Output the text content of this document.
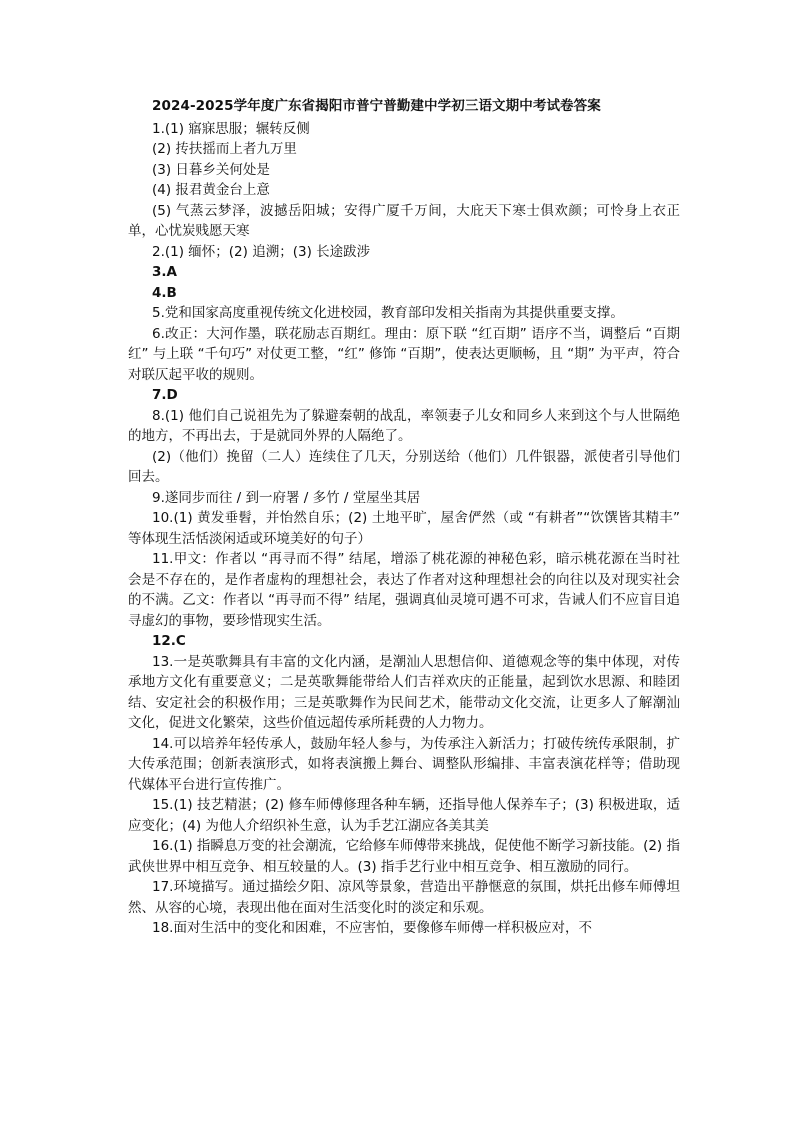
2024-2025学年度广东省揭阳市普宁普勤建中学初三语文期中考试卷答案

1.(1) 寤寐思服；辗转反侧

(2) 抟扶摇而上者九万里

(3) 日暮乡关何处是

(4) 报君黄金台上意

(5) 气蒸云梦泽，波撼岳阳城；安得广厦千万间，大庇天下寒士俱欢颜；可怜身上衣正单，心忧炭贱愿天寒

2.(1) 缅怀；(2) 追溯；(3) 长途跋涉

3.A

4.B

5.党和国家高度重视传统文化进校园，教育部印发相关指南为其提供重要支撑。

6.改正：大河作墨，联花励志百期红。理由：原下联 “红百期” 语序不当，调整后 “百期红” 与上联 “千句巧” 对仗更工整，“红” 修饰 “百期”，使表达更顺畅，且 “期” 为平声，符合对联仄起平收的规则。

7.D

8.(1) 他们自己说祖先为了躲避秦朝的战乱，率领妻子儿女和同乡人来到这个与人世隔绝的地方，不再出去，于是就同外界的人隔绝了。

(2)（他们）挽留（二人）连续住了几天，分别送给（他们）几件银器，派使者引导他们回去。

9.遂同步而往 / 到一府署 / 多竹 / 堂屋坐其居

10.(1) 黄发垂髫，并怡然自乐；(2) 土地平旷，屋舍俨然（或 “有耕者”“饮馔皆其精丰” 等体现生活恬淡闲适或环境美好的句子）

11.甲文：作者以 “再寻而不得” 结尾，增添了桃花源的神秘色彩，暗示桃花源在当时社会是不存在的，是作者虚构的理想社会，表达了作者对这种理想社会的向往以及对现实社会的不满。乙文：作者以 “再寻而不得” 结尾，强调真仙灵境可遇不可求，告诫人们不应盲目追寻虚幻的事物，要珍惜现实生活。

12.C

13.一是英歌舞具有丰富的文化内涵，是潮汕人思想信仰、道德观念等的集中体现，对传承地方文化有重要意义；二是英歌舞能带给人们吉祥欢庆的正能量，起到饮水思源、和睦团结、安定社会的积极作用；三是英歌舞作为民间艺术，能带动文化交流，让更多人了解潮汕文化，促进文化繁荣，这些价值远超传承所耗费的人力物力。

14.可以培养年轻传承人，鼓励年轻人参与，为传承注入新活力；打破传统传承限制，扩大传承范围；创新表演形式，如将表演搬上舞台、调整队形编排、丰富表演花样等；借助现代媒体平台进行宣传推广。

15.(1) 技艺精湛；(2) 修车师傅修理各种车辆，还指导他人保养车子；(3) 积极进取，适应变化；(4) 为他人介绍织补生意，认为手艺江湖应各美其美

16.(1) 指瞬息万变的社会潮流，它给修车师傅带来挑战，促使他不断学习新技能。(2) 指武侠世界中相互竞争、相互较量的人。(3) 指手艺行业中相互竞争、相互激励的同行。

17.环境描写。通过描绘夕阳、凉风等景象，营造出平静惬意的氛围，烘托出修车师傅坦然、从容的心境，表现出他在面对生活变化时的淡定和乐观。

18.面对生活中的变化和困难，不应害怕，要像修车师傅一样积极应对，不
